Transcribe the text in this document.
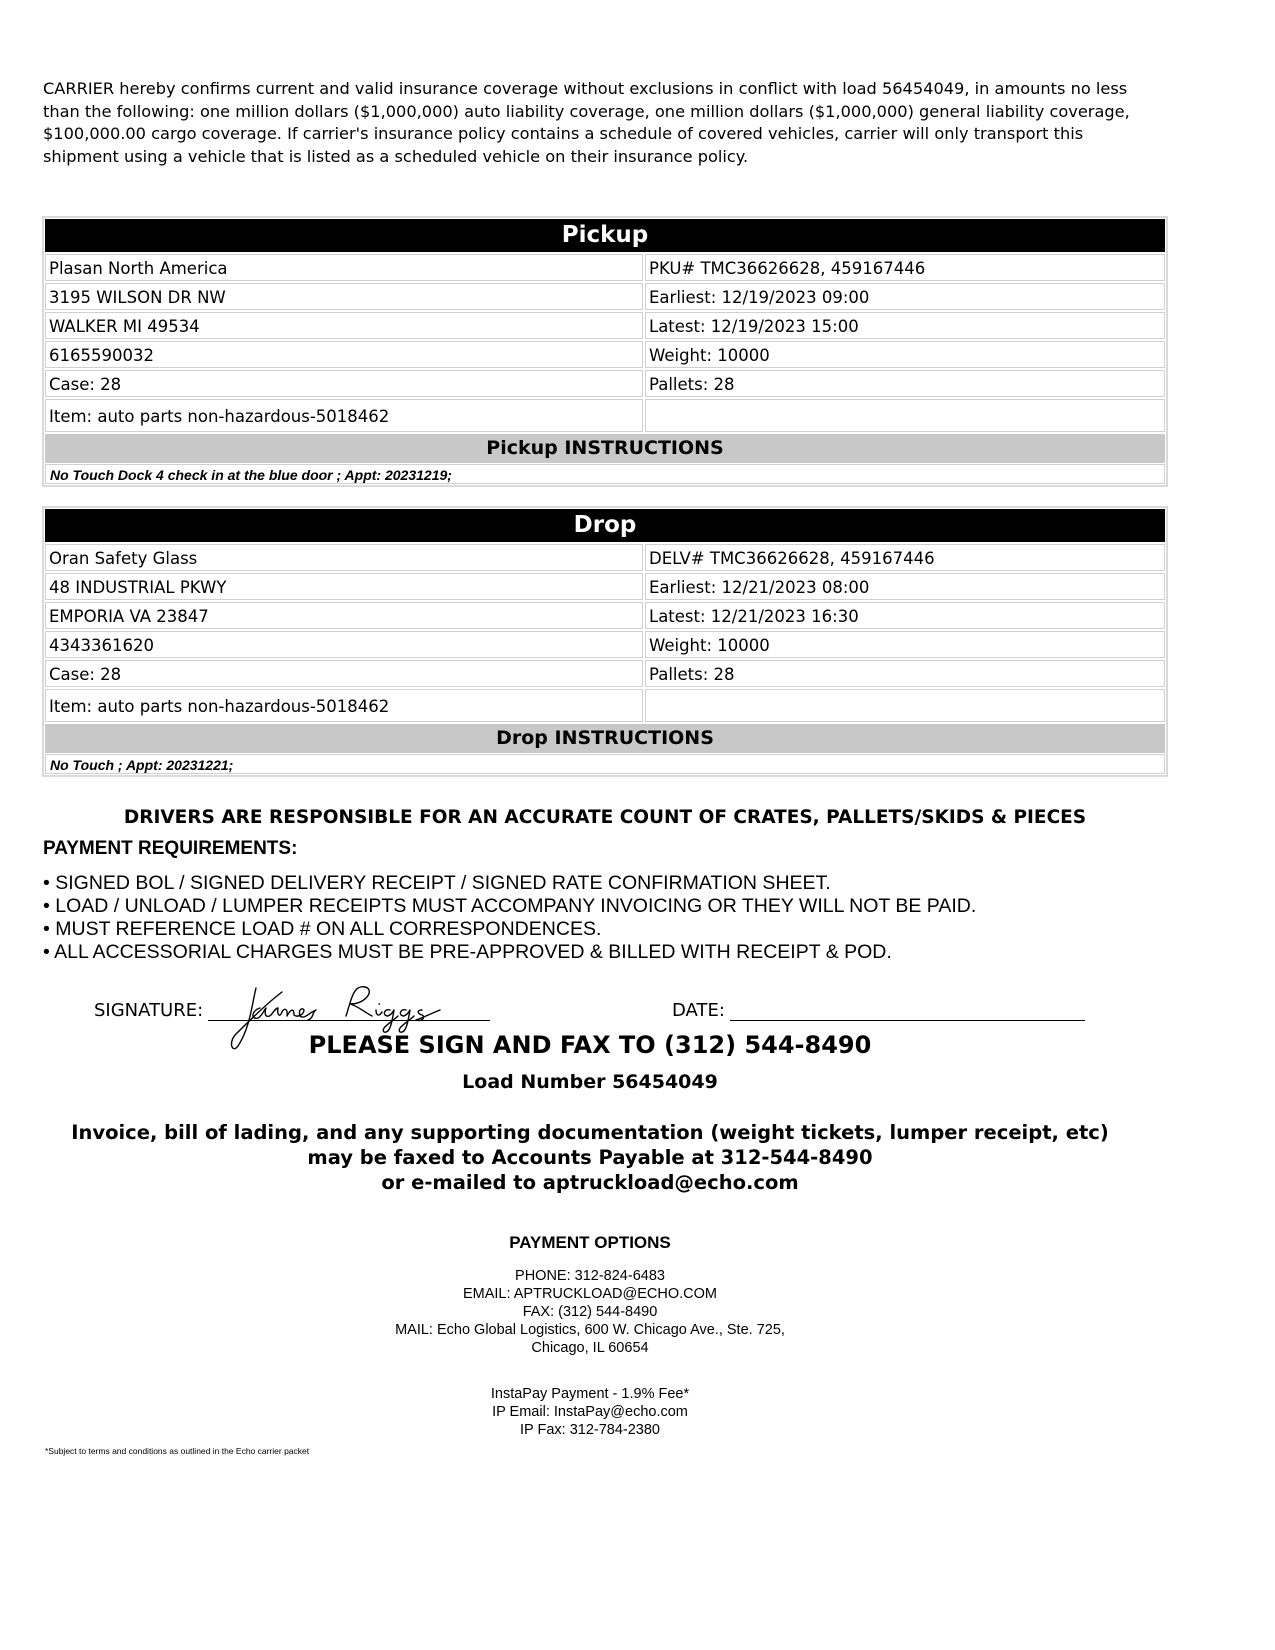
CARRIER hereby confirms current and valid insurance coverage without exclusions in conflict with load 56454049, in amounts no less
than the following: one million dollars ($1,000,000) auto liability coverage, one million dollars ($1,000,000) general liability coverage,
$100,000.00 cargo coverage. If carrier's insurance policy contains a schedule of covered vehicles, carrier will only transport this
shipment using a vehicle that is listed as a scheduled vehicle on their insurance policy.
Pickup
Plasan North America	PKU# TMC36626628, 459167446
3195 WILSON DR NW	Earliest: 12/19/2023 09:00
WALKER MI 49534	Latest: 12/19/2023 15:00
6165590032	Weight: 10000
Case: 28	Pallets: 28
Item: auto parts non-hazardous-5018462
Pickup INSTRUCTIONS
No Touch Dock 4 check in at the blue door ; Appt: 20231219;
Drop
Oran Safety Glass	DELV# TMC36626628, 459167446
48 INDUSTRIAL PKWY	Earliest: 12/21/2023 08:00
EMPORIA VA 23847	Latest: 12/21/2023 16:30
4343361620	Weight: 10000
Case: 28	Pallets: 28
Item: auto parts non-hazardous-5018462
Drop INSTRUCTIONS
No Touch ; Appt: 20231221;
DRIVERS ARE RESPONSIBLE FOR AN ACCURATE COUNT OF CRATES, PALLETS/SKIDS & PIECES
PAYMENT REQUIREMENTS:
• SIGNED BOL / SIGNED DELIVERY RECEIPT / SIGNED RATE CONFIRMATION SHEET.
• LOAD / UNLOAD / LUMPER RECEIPTS MUST ACCOMPANY INVOICING OR THEY WILL NOT BE PAID.
• MUST REFERENCE LOAD # ON ALL CORRESPONDENCES.
• ALL ACCESSORIAL CHARGES MUST BE PRE-APPROVED & BILLED WITH RECEIPT & POD.
SIGNATURE:	DATE:
PLEASE SIGN AND FAX TO (312) 544-8490
Load Number 56454049
Invoice, bill of lading, and any supporting documentation (weight tickets, lumper receipt, etc)
may be faxed to Accounts Payable at 312-544-8490
or e-mailed to aptruckload@echo.com
PAYMENT OPTIONS
PHONE: 312-824-6483
EMAIL: APTRUCKLOAD@ECHO.COM
FAX: (312) 544-8490
MAIL: Echo Global Logistics, 600 W. Chicago Ave., Ste. 725,
Chicago, IL 60654
InstaPay Payment - 1.9% Fee*
IP Email: InstaPay@echo.com
IP Fax: 312-784-2380
*Subject to terms and conditions as outlined in the Echo carrier packet
